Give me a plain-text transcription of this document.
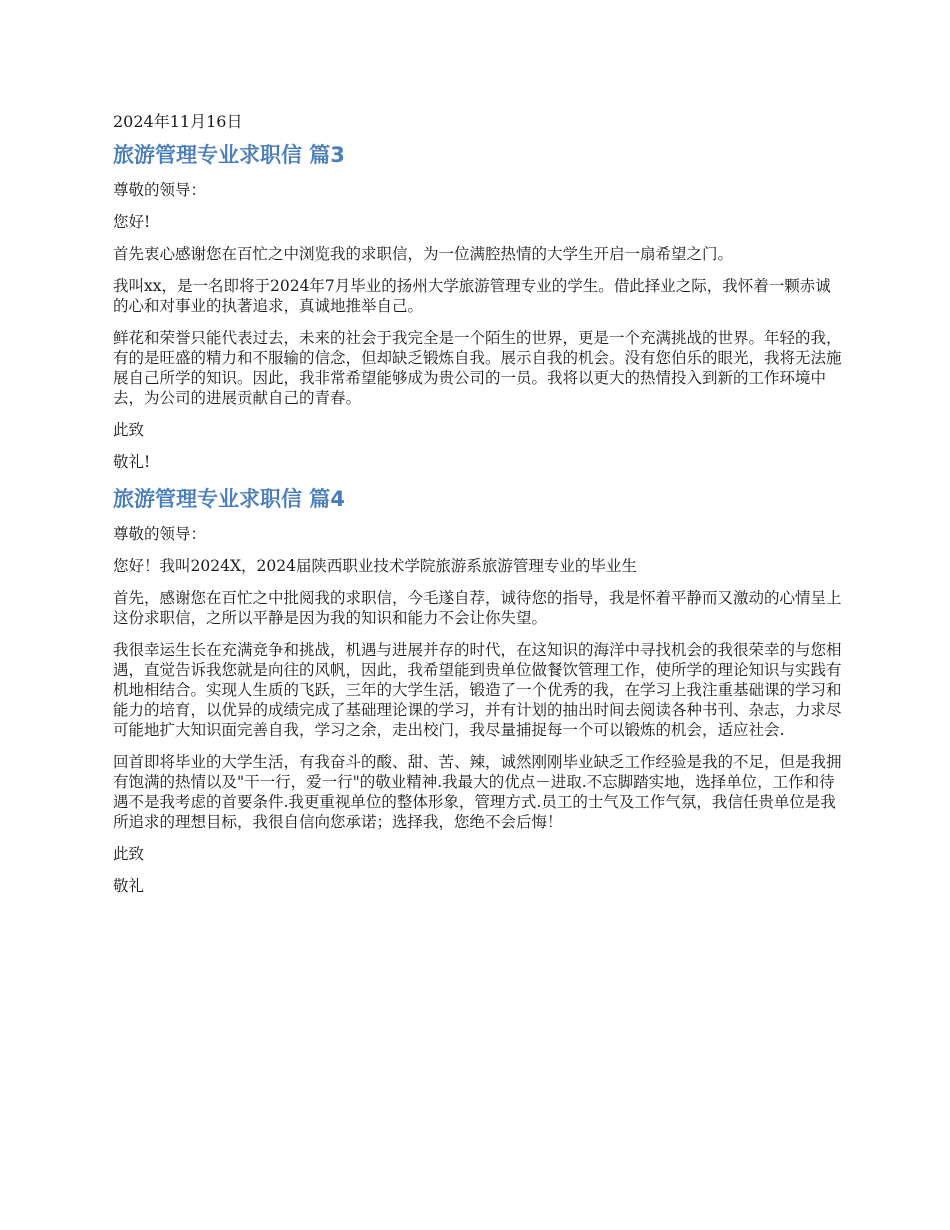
2024年11月16日
旅游管理专业求职信 篇3

尊敬的领导：

您好!

首先衷心感谢您在百忙之中浏览我的求职信，为一位满腔热情的大学生开启一扇希望之门。

我叫xx，是一名即将于2024年7月毕业的扬州大学旅游管理专业的学生。借此择业之际，我怀着一颗赤诚的心和对事业的执著追求，真诚地推举自己。

鲜花和荣誉只能代表过去，未来的社会于我完全是一个陌生的世界，更是一个充满挑战的世界。年轻的我，有的是旺盛的精力和不服输的信念，但却缺乏锻炼自我。展示自我的机会。没有您伯乐的眼光，我将无法施展自己所学的知识。因此，我非常希望能够成为贵公司的一员。我将以更大的热情投入到新的工作环境中去，为公司的进展贡献自己的青春。

此致

敬礼!

旅游管理专业求职信 篇4

尊敬的领导：

您好！我叫2024X，2024届陕西职业技术学院旅游系旅游管理专业的毕业生

首先，感谢您在百忙之中批阅我的求职信，今毛遂自荐，诚待您的指导，我是怀着平静而又激动的心情呈上这份求职信，之所以平静是因为我的知识和能力不会让你失望。

我很幸运生长在充满竞争和挑战，机遇与进展并存的时代，在这知识的海洋中寻找机会的我很荣幸的与您相遇，直觉告诉我您就是向往的风帆，因此，我希望能到贵单位做餐饮管理工作，使所学的理论知识与实践有机地相结合。实现人生质的飞跃，三年的大学生活，锻造了一个优秀的我，在学习上我注重基础课的学习和能力的培育，以优异的成绩完成了基础理论课的学习，并有计划的抽出时间去阅读各种书刊、杂志，力求尽可能地扩大知识面完善自我，学习之余，走出校门，我尽量捕捉每一个可以锻炼的机会，适应社会.

回首即将毕业的大学生活，有我奋斗的酸、甜、苦、辣，诚然刚刚毕业缺乏工作经验是我的不足，但是我拥有饱满的热情以及"干一行，爱一行"的敬业精神.我最大的优点－进取.不忘脚踏实地，选择单位，工作和待遇不是我考虑的首要条件.我更重视单位的整体形象，管理方式.员工的士气及工作气氛，我信任贵单位是我所追求的理想目标，我很自信向您承诺；选择我，您绝不会后悔！

此致

敬礼
